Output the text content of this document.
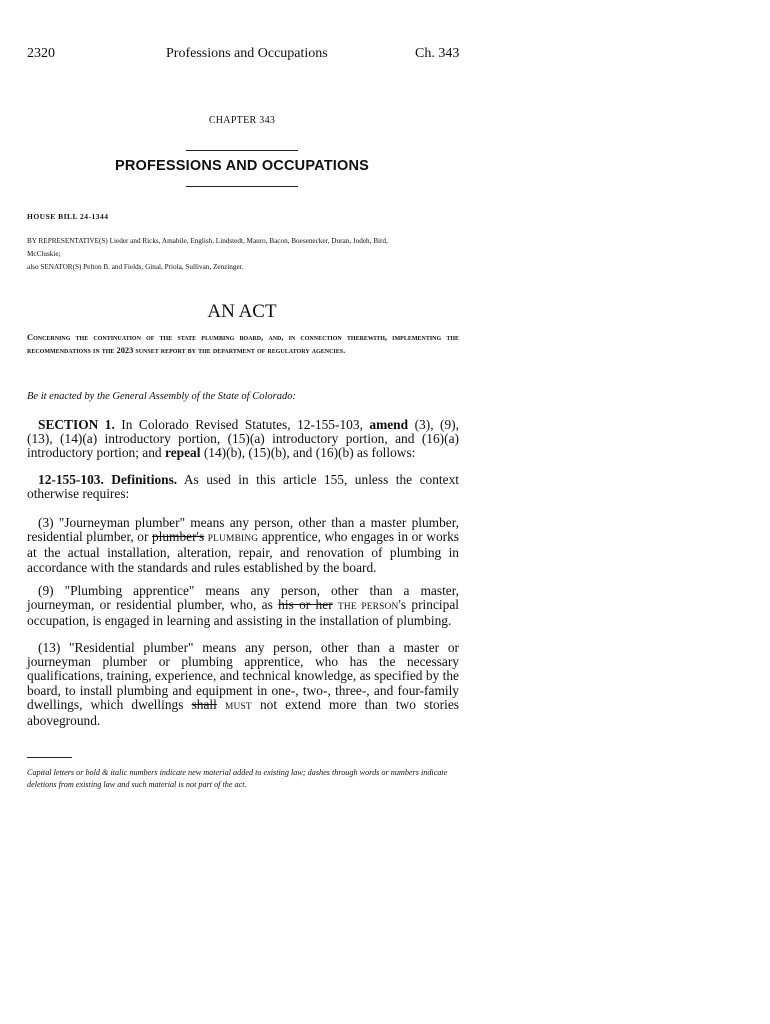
2320	Professions and Occupations	Ch. 343
CHAPTER 343
PROFESSIONS AND OCCUPATIONS
HOUSE BILL 24-1344
BY REPRESENTATIVE(S) Lieder and Ricks, Amabile, English, Lindstedt, Mauro, Bacon, Boesenecker, Duran, Jodeh, Bird,
McCluskie;
also SENATOR(S) Pelton B. and Fields, Ginal, Priola, Sullivan, Zenzinger.
AN ACT
Concerning the continuation of the state plumbing board, and, in connection therewith, implementing the recommendations in the 2023 sunset report by the department of regulatory agencies.
Be it enacted by the General Assembly of the State of Colorado:

SECTION 1. In Colorado Revised Statutes, 12-155-103, amend (3), (9), (13), (14)(a) introductory portion, (15)(a) introductory portion, and (16)(a) introductory portion; and repeal (14)(b), (15)(b), and (16)(b) as follows:

12-155-103. Definitions. As used in this article 155, unless the context otherwise requires:

(3) "Journeyman plumber" means any person, other than a master plumber, residential plumber, or plumber's PLUMBING apprentice, who engages in or works at the actual installation, alteration, repair, and renovation of plumbing in accordance with the standards and rules established by the board.

(9) "Plumbing apprentice" means any person, other than a master, journeyman, or residential plumber, who, as his or her THE PERSON's principal occupation, is engaged in learning and assisting in the installation of plumbing.

(13) "Residential plumber" means any person, other than a master or journeyman plumber or plumbing apprentice, who has the necessary qualifications, training, experience, and technical knowledge, as specified by the board, to install plumbing and equipment in one-, two-, three-, and four-family dwellings, which dwellings shall MUST not extend more than two stories aboveground.

Capital letters or bold & italic numbers indicate new material added to existing law; dashes through words or numbers indicate deletions from existing law and such material is not part of the act.
